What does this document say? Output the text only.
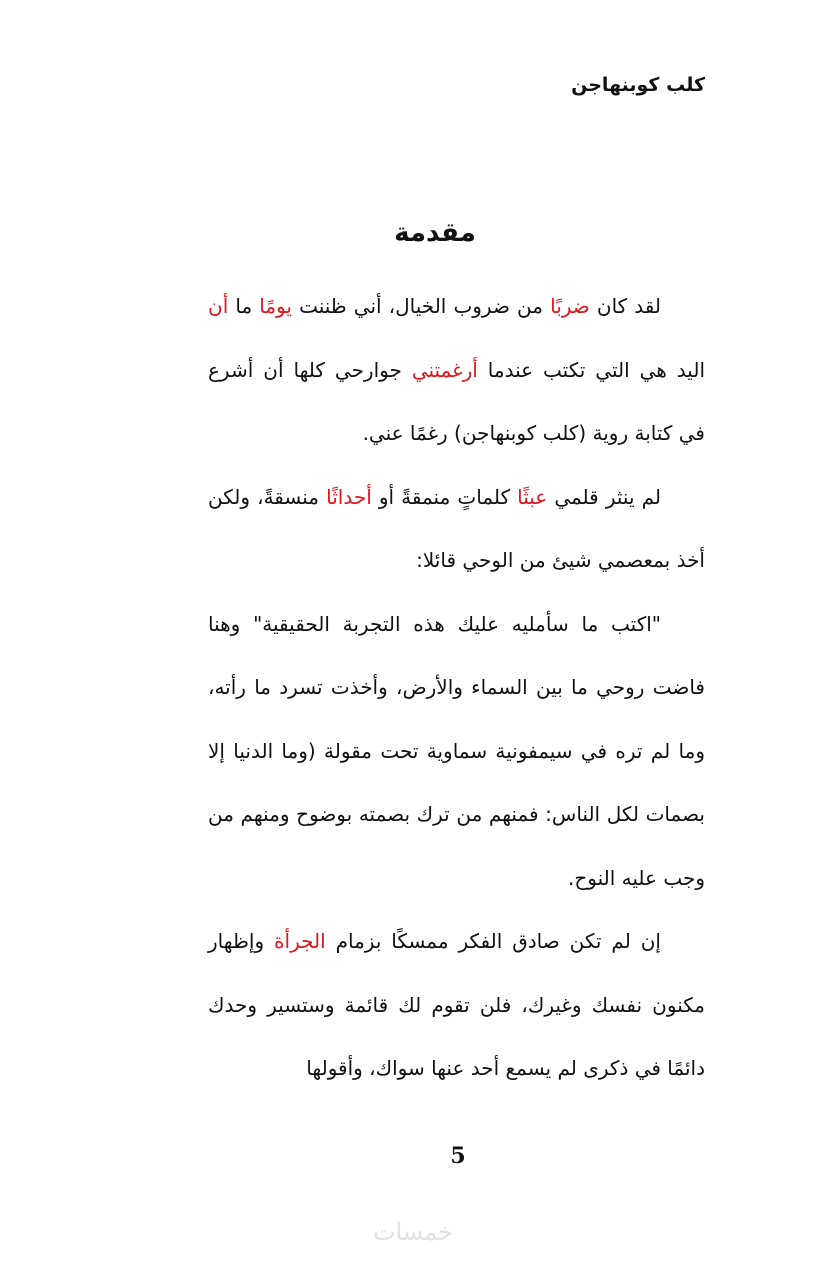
كلب كوبنهاجن
مقدمة

لقد كان ضربًا من ضروب الخيال، أني ظننت يومًا ما أن اليد هي التي تكتب عندما أرغمتني جوارحي كلها أن أشرع في كتابة روية (كلب كوبنهاجن) رغمًا عني.

لم ينثر قلمي عبثًا كلماتٍ منمقةً أو أحداثًا منسقةً، ولكن أخذ بمعصمي شيئ من الوحي قائلا:

"اكتب ما سأمليه عليك هذه التجربة الحقيقية" وهنا فاضت روحي ما بين السماء والأرض، وأخذت تسرد ما رأته، وما لم تره في سيمفونية سماوية تحت مقولة (وما الدنيا إلا بصمات لكل الناس: فمنهم من ترك بصمته بوضوح ومنهم من وجب عليه النوح.

إن لم تكن صادق الفكر ممسكًا بزمام الجرأة وإظهار مكنون نفسك وغيرك، فلن تقوم لك قائمة وستسير وحدك دائمًا في ذكرى لم يسمع أحد عنها سواك، وأقولها

5
خمسات
